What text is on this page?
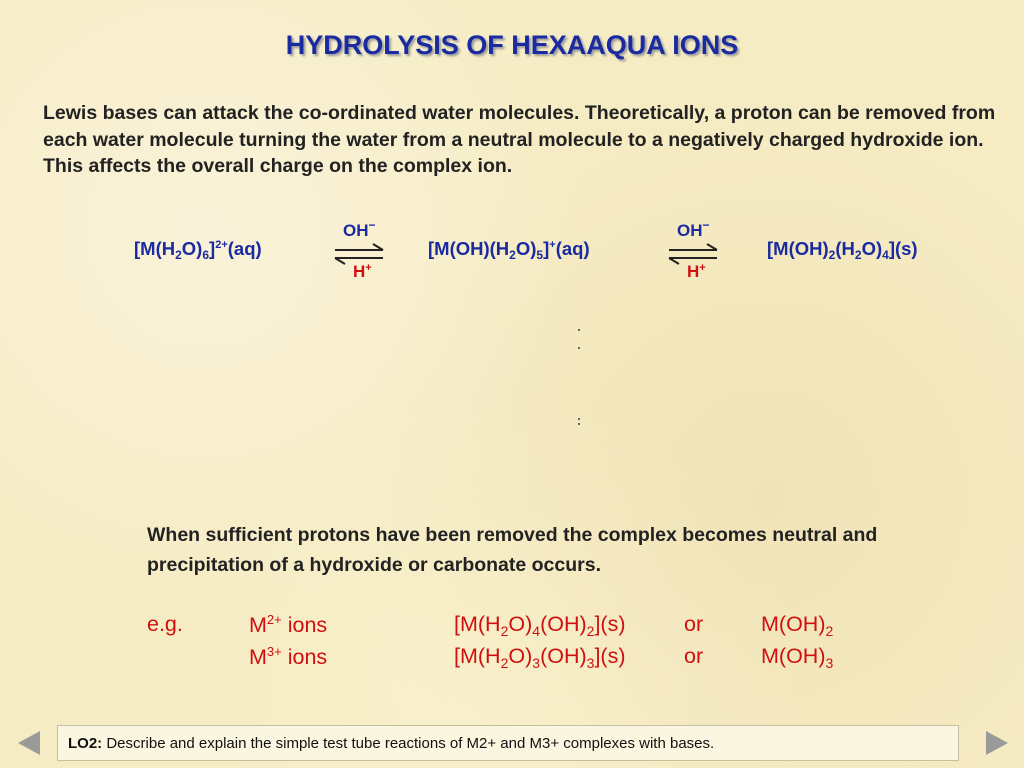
HYDROLYSIS OF HEXAAQUA IONS
Lewis bases can attack the co-ordinated water molecules. Theoretically, a proton can be removed from each water molecule turning the water from a neutral molecule to a negatively charged hydroxide ion. This affects the overall charge on the complex ion.
$[M(H_2O)_6]^{2+}(aq)$
OH−
H+
$[M(OH)(H_2O)_5]^+(aq)$
OH−
H+
$[M(OH)_2(H_2O)_4](s)$
When sufficient protons have been removed the complex becomes neutral and precipitation of a hydroxide or carbonate occurs.
e.g.	$M^{2+}$ ions
$M^{3+}$ ions
$[M(H_2O)_4(OH)_2](s)$
$[M(H_2O)_3(OH)_3](s)$
or
or
$M(OH)_2$
$M(OH)_3$
LO2: Describe and explain the simple test tube reactions of M2+ and M3+ complexes with bases.
